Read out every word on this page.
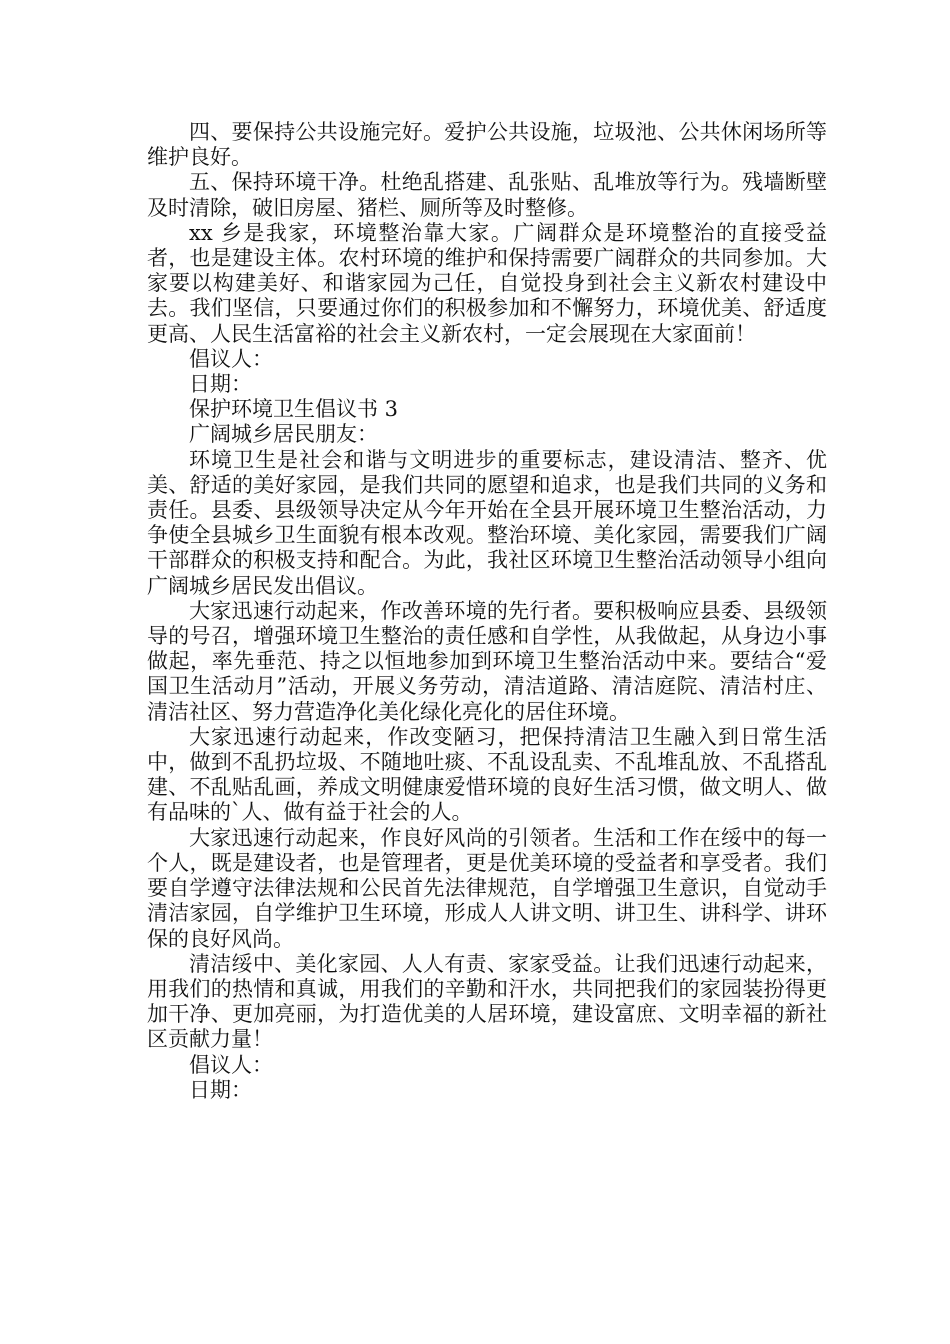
四、要保持公共设施完好。爱护公共设施，垃圾池、公共休闲场所等维护良好。

五、保持环境干净。杜绝乱搭建、乱张贴、乱堆放等行为。残墙断壁及时清除，破旧房屋、猪栏、厕所等及时整修。

xx 乡是我家，环境整治靠大家。广阔群众是环境整治的直接受益者，也是建设主体。农村环境的维护和保持需要广阔群众的共同参加。大家要以构建美好、和谐家园为己任，自觉投身到社会主义新农村建设中去。我们坚信，只要通过你们的积极参加和不懈努力，环境优美、舒适度更高、人民生活富裕的社会主义新农村，一定会展现在大家面前！

倡议人：

日期：

保护环境卫生倡议书 3

广阔城乡居民朋友：

环境卫生是社会和谐与文明进步的重要标志，建设清洁、整齐、优美、舒适的美好家园，是我们共同的愿望和追求，也是我们共同的义务和责任。县委、县级领导决定从今年开始在全县开展环境卫生整治活动，力争使全县城乡卫生面貌有根本改观。整治环境、美化家园，需要我们广阔干部群众的积极支持和配合。为此，我社区环境卫生整治活动领导小组向广阔城乡居民发出倡议。

大家迅速行动起来，作改善环境的先行者。要积极响应县委、县级领导的号召，增强环境卫生整治的责任感和自学性，从我做起，从身边小事做起，率先垂范、持之以恒地参加到环境卫生整治活动中来。要结合“爱国卫生活动月”活动，开展义务劳动，清洁道路、清洁庭院、清洁村庄、清洁社区、努力营造净化美化绿化亮化的居住环境。

大家迅速行动起来，作改变陋习，把保持清洁卫生融入到日常生活中，做到不乱扔垃圾、不随地吐痰、不乱设乱卖、不乱堆乱放、不乱搭乱建、不乱贴乱画，养成文明健康爱惜环境的良好生活习惯，做文明人、做有品味的`人、做有益于社会的人。

大家迅速行动起来，作良好风尚的引领者。生活和工作在绥中的每一个人，既是建设者，也是管理者，更是优美环境的受益者和享受者。我们要自学遵守法律法规和公民首先法律规范，自学增强卫生意识，自觉动手清洁家园，自学维护卫生环境，形成人人讲文明、讲卫生、讲科学、讲环保的良好风尚。

清洁绥中、美化家园、人人有责、家家受益。让我们迅速行动起来，用我们的热情和真诚，用我们的辛勤和汗水，共同把我们的家园装扮得更加干净、更加亮丽，为打造优美的人居环境，建设富庶、文明幸福的新社区贡献力量！

倡议人：

日期：
